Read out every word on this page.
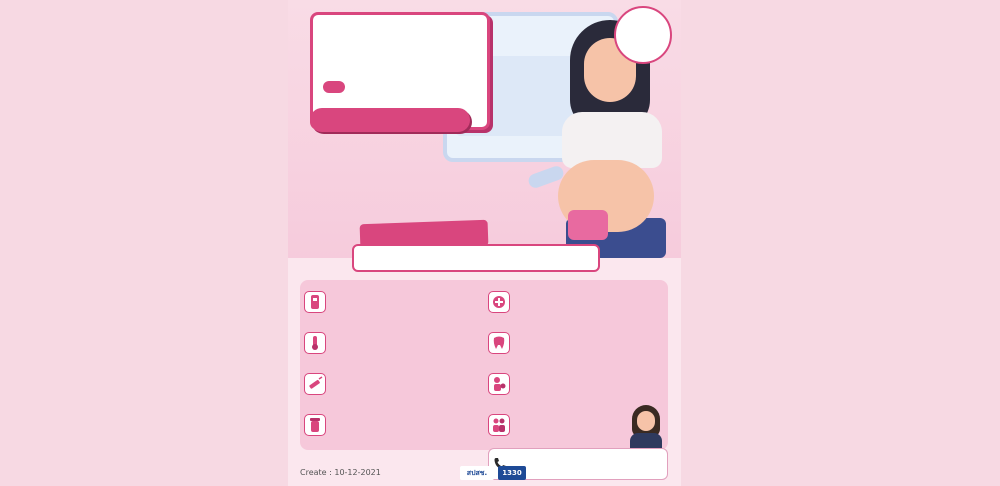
Create : 10-12-2021	สปสช.	1330
